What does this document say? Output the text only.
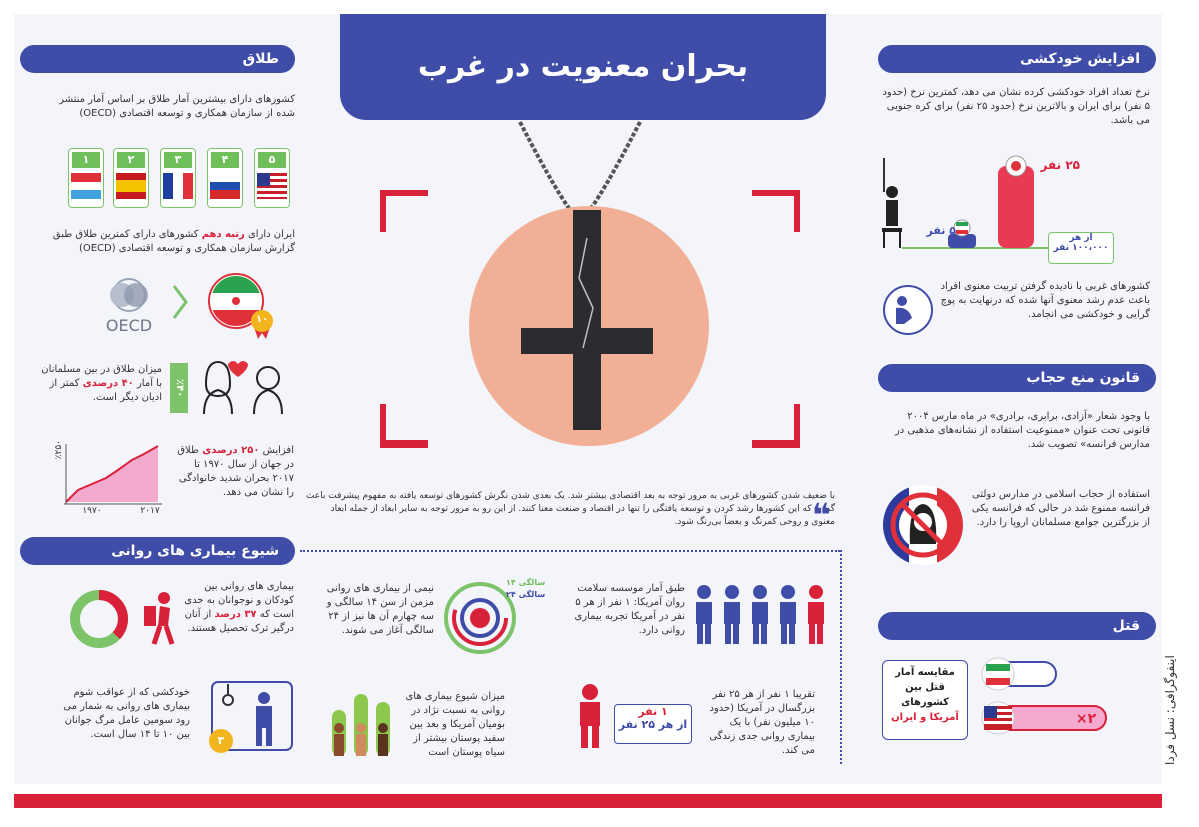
بحران معنویت در غرب
طلاق
کشورهای دارای بیشترین آمار طلاق بر اساس آمار منتشر شده از سازمان همکاری و توسعه اقتصادی (OECD)
۱	۲	۳	۴	۵
ایران دارای رتبه دهم کشورهای دارای کمترین طلاق طبق گزارش سازمان همکاری و توسعه اقتصادی (OECD)
OECD	۱۰
میزان طلاق در بین مسلمانان با آمار ۴۰ درصدی کمتر از ادیان دیگر است.
٪۴۰
٪۲۵۰
۱۹۷۰	۲۰۱۷
افزایش ۲۵۰ درصدی طلاق در جهان از سال ۱۹۷۰ تا ۲۰۱۷ بحران شدید خانوادگی را نشان می دهد.
شیوع بیماری های روانی
بیماری های روانی بین کودکان و نوجوانان به حدی است که ۳۷ درصد از آنان درگیر ترک تحصیل هستند.
خودکشی که از عواقب شوم بیماری های روانی به شمار می رود سومین عامل مرگ جوانان بین ۱۰ تا ۱۴ سال است.	۳
با ضعیف شدن کشورهای غربی به مرور توجه به بعد اقتصادی بیشتر شد. یک بعدی شدن نگرش کشورهای توسعه یافته به مفهوم پیشرفت باعث گردید که این کشورها رشد کردن و توسعه یافتگی را تنها در اقتصاد و صنعت معنا کنند. از این رو به مرور توجه به سایر ابعاد از جمله ابعاد معنوی و روحی کمرنگ و بعضاً بی‌رنگ شود.
❝
طبق آمار موسسه سلامت روان آمریکا: ۱ نفر از هر ۵ نفر در آمریکا تجربه بیماری روانی دارد.
۱۴ سالگی
۲۴ سالگی
نیمی از بیماری های روانی مزمن از سن ۱۴ سالگی و سه چهارم آن ها نیز از ۲۴ سالگی آغاز می شوند.
تقریبا ۱ نفر از هر ۲۵ نفر بزرگسال در آمریکا (حدود ۱۰ میلیون نفر) با یک بیماری روانی جدی زندگی می کند.
۱ نفر
از هر ۲۵ نفر
میزان شیوع بیماری های روانی به نسبت نژاد در بومیان آمریکا و بعد بین سفید پوستان بیشتر از سیاه پوستان است
افزایش خودکشی
نرخ تعداد افراد خودکشی کرده نشان می دهد، کمترین نرخ (حدود ۵ نفر) برای ایران و بالاترین نرخ (حدود ۲۵ نفر) برای کره جنوبی می باشد.
۵ نفر
۲۵ نفر
از هر
۱۰۰،۰۰۰ نفر
کشورهای غربی با نادیده گرفتن تربیت معنوی افراد باعث عدم رشد معنوی آنها شده که درنهایت به پوچ گرایی و خودکشی می انجامد.
قانون منع حجاب
با وجود شعار «آزادی، برابری، برادری» در ماه مارس ۲۰۰۴ قانونی تحت عنوان «ممنوعیت استفاده از نشانه‌های مذهبی در مدارس فرانسه» تصویب شد.
استفاده از حجاب اسلامی در مدارس دولتی فرانسه ممنوع شد در حالی که فرانسه یکی از بزرگترین جوامع مسلمانان اروپا را دارد.
قتل
مقایسه آمار قتل بین کشورهای آمریکا و ایران	×۲	اینفوگرافی: نسل فردا
